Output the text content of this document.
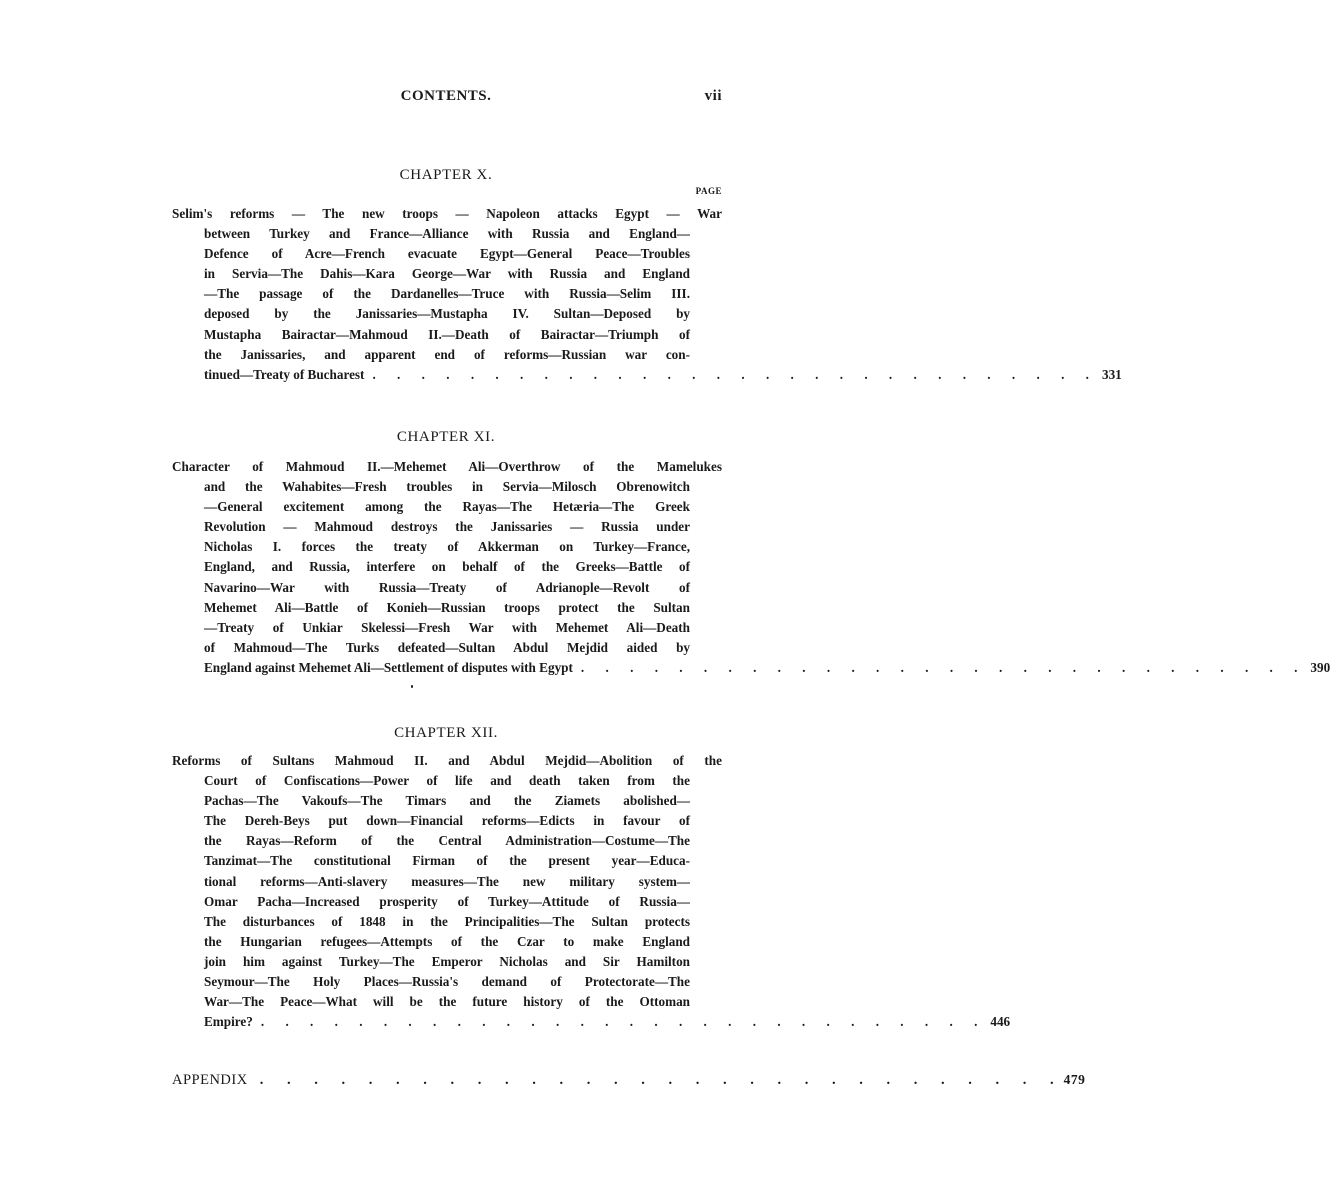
CONTENTS.	vii
CHAPTER X.
PAGE
Selim's reforms — The new troops — Napoleon attacks Egypt — War
between Turkey and France—Alliance with Russia and England—
Defence of Acre—French evacuate Egypt—General Peace—Troubles
in Servia—The Dahis—Kara George—War with Russia and England
—The passage of the Dardanelles—Truce with Russia—Selim III.
deposed by the Janissaries—Mustapha IV. Sultan—Deposed by
Mustapha Bairactar—Mahmoud II.—Death of Bairactar—Triumph of
the Janissaries, and apparent end of reforms—Russian war con-
tinued—Treaty of Bucharest . . . . . . . . . . . . . . . . . . . . . . . . . . . . . . 331
CHAPTER XI.
Character of Mahmoud II.—Mehemet Ali—Overthrow of the Mamelukes
and the Wahabites—Fresh troubles in Servia—Milosch Obrenowitch
—General excitement among the Rayas—The Hetæria—The Greek
Revolution — Mahmoud destroys the Janissaries — Russia under
Nicholas I. forces the treaty of Akkerman on Turkey—France,
England, and Russia, interfere on behalf of the Greeks—Battle of
Navarino—War with Russia—Treaty of Adrianople—Revolt of
Mehemet Ali—Battle of Konieh—Russian troops protect the Sultan
—Treaty of Unkiar Skelessi—Fresh War with Mehemet Ali—Death
of Mahmoud—The Turks defeated—Sultan Abdul Mejdid aided by
England against Mehemet Ali—Settlement of disputes with Egypt . . . . . . . . . . . . . . . . . . . . . . . . . . . . . . 390
CHAPTER XII.
Reforms of Sultans Mahmoud II. and Abdul Mejdid—Abolition of the
Court of Confiscations—Power of life and death taken from the
Pachas—The Vakoufs—The Timars and the Ziamets abolished—
The Dereh-Beys put down—Financial reforms—Edicts in favour of
the Rayas—Reform of the Central Administration—Costume—The
Tanzimat—The constitutional Firman of the present year—Educa-
tional reforms—Anti-slavery measures—The new military system—
Omar Pacha—Increased prosperity of Turkey—Attitude of Russia—
The disturbances of 1848 in the Principalities—The Sultan protects
the Hungarian refugees—Attempts of the Czar to make England
join him against Turkey—The Emperor Nicholas and Sir Hamilton
Seymour—The Holy Places—Russia's demand of Protectorate—The
War—The Peace—What will be the future history of the Ottoman
Empire? . . . . . . . . . . . . . . . . . . . . . . . . . . . . . . 446
APPENDIX . . . . . . . . . . . . . . . . . . . . . . . . . . . . . . 479
